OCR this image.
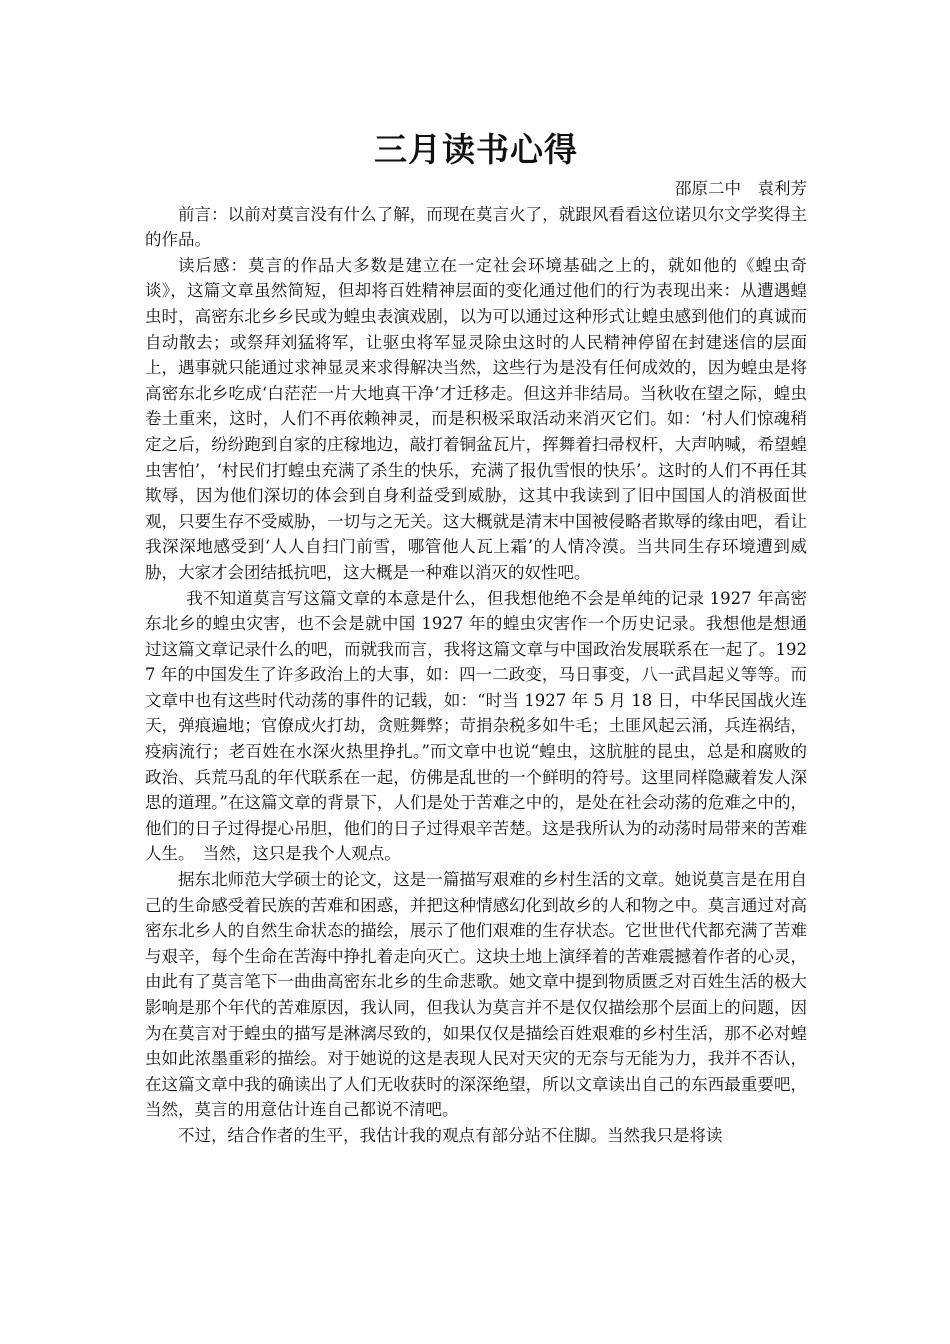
三月读书心得

邵原二中　袁利芳

前言：以前对莫言没有什么了解，而现在莫言火了，就跟风看看这位诺贝尔文学奖得主的作品。

读后感：莫言的作品大多数是建立在一定社会环境基础之上的，就如他的《蝗虫奇谈》，这篇文章虽然简短，但却将百姓精神层面的变化通过他们的行为表现出来：从遭遇蝗虫时，高密东北乡乡民或为蝗虫表演戏剧，以为可以通过这种形式让蝗虫感到他们的真诚而自动散去；或祭拜刘猛将军，让驱虫将军显灵除虫这时的人民精神停留在封建迷信的层面上，遇事就只能通过求神显灵来求得解决当然，这些行为是没有任何成效的，因为蝗虫是将高密东北乡吃成‘白茫茫一片大地真干净’才迁移走。但这并非结局。当秋收在望之际，蝗虫卷土重来，这时，人们不再依赖神灵，而是积极采取活动来消灭它们。如：‘村人们惊魂稍定之后，纷纷跑到自家的庄稼地边，敲打着铜盆瓦片，挥舞着扫帚杈杆，大声呐喊，希望蝗虫害怕’，‘村民们打蝗虫充满了杀生的快乐，充满了报仇雪恨的快乐’。这时的人们不再任其欺辱，因为他们深切的体会到自身利益受到威胁，这其中我读到了旧中国国人的消极面世观，只要生存不受威胁，一切与之无关。这大概就是清末中国被侵略者欺辱的缘由吧，看让我深深地感受到‘人人自扫门前雪，哪管他人瓦上霜’的人情冷漠。当共同生存环境遭到威胁，大家才会团结抵抗吧，这大概是一种难以消灭的奴性吧。

我不知道莫言写这篇文章的本意是什么，但我想他绝不会是单纯的记录 1927 年高密东北乡的蝗虫灾害，也不会是就中国 1927 年的蝗虫灾害作一个历史记录。我想他是想通过这篇文章记录什么的吧，而就我而言，我将这篇文章与中国政治发展联系在一起了。1927 年的中国发生了许多政治上的大事，如：四一二政变，马日事变，八一武昌起义等等。而文章中也有这些时代动荡的事件的记载，如：“时当 1927 年 5 月 18 日，中华民国战火连天，弹痕遍地；官僚成火打劫，贪赃舞弊；苛捐杂税多如牛毛；土匪风起云涌，兵连祸结，疫病流行；老百姓在水深火热里挣扎。”而文章中也说“蝗虫，这肮脏的昆虫，总是和腐败的政治、兵荒马乱的年代联系在一起，仿佛是乱世的一个鲜明的符号。这里同样隐藏着发人深思的道理。”在这篇文章的背景下，人们是处于苦难之中的，是处在社会动荡的危难之中的，他们的日子过得提心吊胆，他们的日子过得艰辛苦楚。这是我所认为的动荡时局带来的苦难人生。　当然，这只是我个人观点。

据东北师范大学硕士的论文，这是一篇描写艰难的乡村生活的文章。她说莫言是在用自己的生命感受着民族的苦难和困惑，并把这种情感幻化到故乡的人和物之中。莫言通过对高密东北乡人的自然生命状态的描绘，展示了他们艰难的生存状态。它世世代代都充满了苦难与艰辛，每个生命在苦海中挣扎着走向灭亡。这块土地上演绎着的苦难震撼着作者的心灵，由此有了莫言笔下一曲曲高密东北乡的生命悲歌。她文章中提到物质匮乏对百姓生活的极大影响是那个年代的苦难原因，我认同，但我认为莫言并不是仅仅描绘那个层面上的问题，因为在莫言对于蝗虫的描写是淋漓尽致的，如果仅仅是描绘百姓艰难的乡村生活，那不必对蝗虫如此浓墨重彩的描绘。对于她说的这是表现人民对天灾的无奈与无能为力，我并不否认，在这篇文章中我的确读出了人们无收获时的深深绝望，所以文章读出自己的东西最重要吧，当然，莫言的用意估计连自己都说不清吧。

不过，结合作者的生平，我估计我的观点有部分站不住脚。当然我只是将读
